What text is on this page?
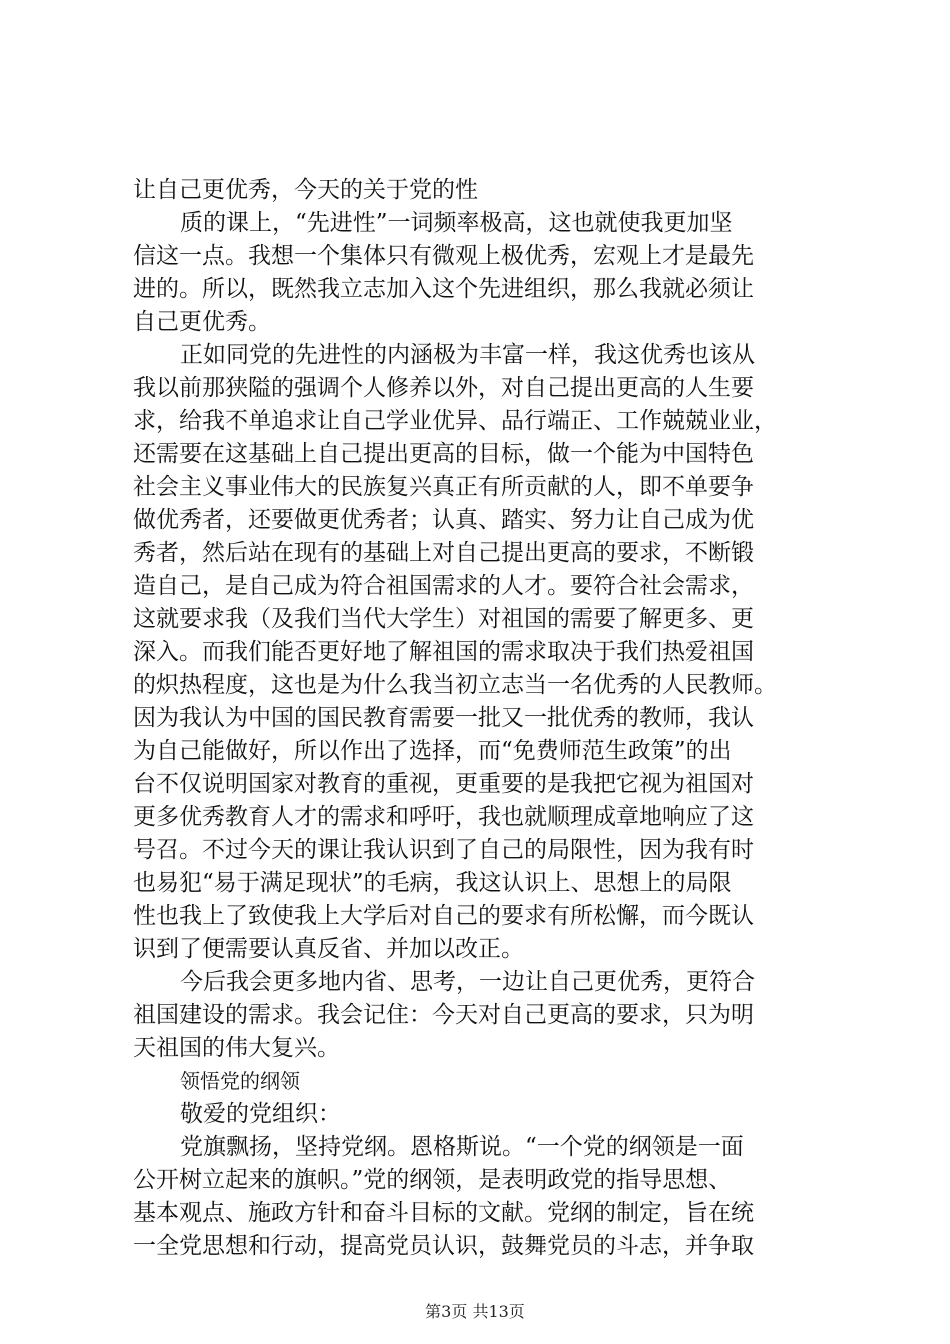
让自己更优秀，今天的关于党的性
质的课上，“先进性”一词频率极高，这也就使我更加坚
信这一点。我想一个集体只有微观上极优秀，宏观上才是最先
进的。所以，既然我立志加入这个先进组织，那么我就必须让
自己更优秀。
正如同党的先进性的内涵极为丰富一样，我这优秀也该从
我以前那狭隘的强调个人修养以外，对自己提出更高的人生要
求，给我不单追求让自己学业优异、品行端正、工作兢兢业业，
还需要在这基础上自己提出更高的目标，做一个能为中国特色
社会主义事业伟大的民族复兴真正有所贡献的人，即不单要争
做优秀者，还要做更优秀者；认真、踏实、努力让自己成为优
秀者，然后站在现有的基础上对自己提出更高的要求，不断锻
造自己，是自己成为符合祖国需求的人才。要符合社会需求，
这就要求我（及我们当代大学生）对祖国的需要了解更多、更
深入。而我们能否更好地了解祖国的需求取决于我们热爱祖国
的炽热程度，这也是为什么我当初立志当一名优秀的人民教师。
因为我认为中国的国民教育需要一批又一批优秀的教师，我认
为自己能做好，所以作出了选择，而“免费师范生政策”的出
台不仅说明国家对教育的重视，更重要的是我把它视为祖国对
更多优秀教育人才的需求和呼吁，我也就顺理成章地响应了这
号召。不过今天的课让我认识到了自己的局限性，因为我有时
也易犯“易于满足现状”的毛病，我这认识上、思想上的局限
性也我上了致使我上大学后对自己的要求有所松懈，而今既认
识到了便需要认真反省、并加以改正。
今后我会更多地内省、思考，一边让自己更优秀，更符合
祖国建设的需求。我会记住：今天对自己更高的要求，只为明
天祖国的伟大复兴。
领悟党的纲领
敬爱的党组织：
党旗飘扬，坚持党纲。恩格斯说。“一个党的纲领是一面
公开树立起来的旗帜。”党的纲领，是表明政党的指导思想、
基本观点、施政方针和奋斗目标的文献。党纲的制定，旨在统
一全党思想和行动，提高党员认识，鼓舞党员的斗志，并争取
第3页 共13页
